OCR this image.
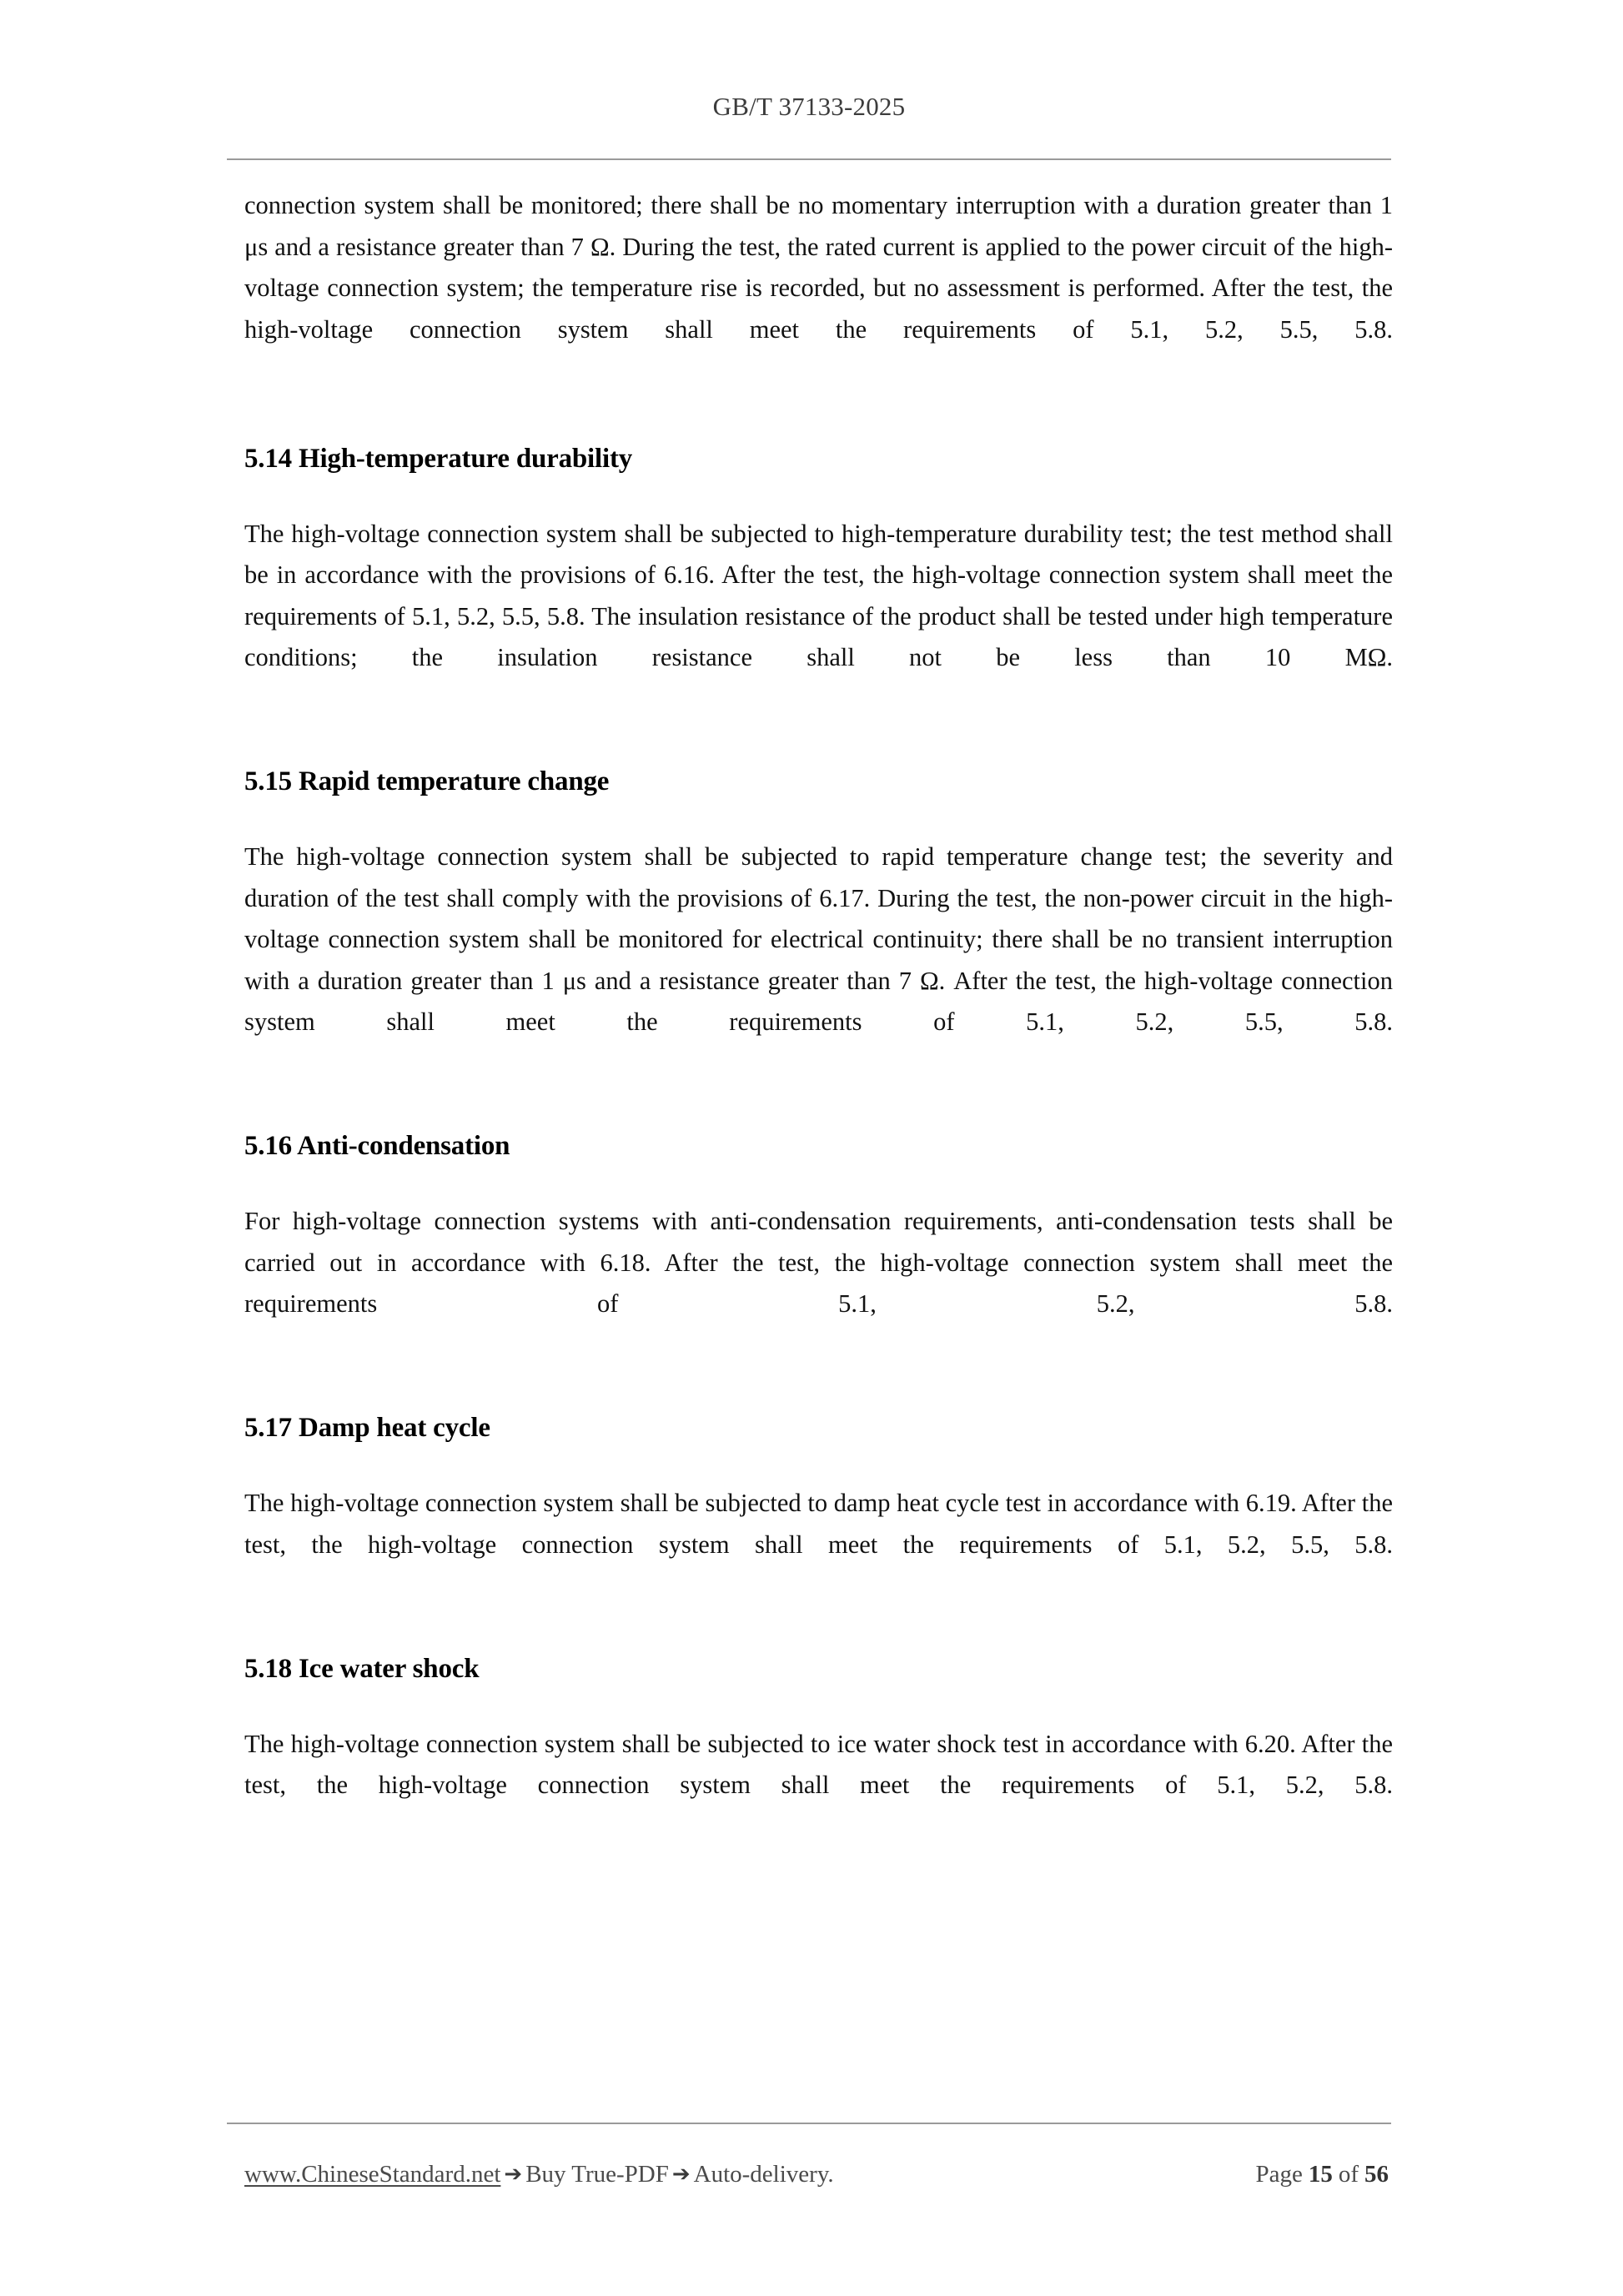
GB/T 37133-2025

connection system shall be monitored; there shall be no momentary interruption with a duration greater than 1 μs and a resistance greater than 7 Ω. During the test, the rated current is applied to the power circuit of the high-voltage connection system; the temperature rise is recorded, but no assessment is performed. After the test, the high-voltage connection system shall meet the requirements of 5.1, 5.2, 5.5, 5.8.

5.14 High-temperature durability

The high-voltage connection system shall be subjected to high-temperature durability test; the test method shall be in accordance with the provisions of 6.16. After the test, the high-voltage connection system shall meet the requirements of 5.1, 5.2, 5.5, 5.8. The insulation resistance of the product shall be tested under high temperature conditions; the insulation resistance shall not be less than 10 MΩ.

5.15 Rapid temperature change

The high-voltage connection system shall be subjected to rapid temperature change test; the severity and duration of the test shall comply with the provisions of 6.17. During the test, the non-power circuit in the high-voltage connection system shall be monitored for electrical continuity; there shall be no transient interruption with a duration greater than 1 μs and a resistance greater than 7 Ω. After the test, the high-voltage connection system shall meet the requirements of 5.1, 5.2, 5.5, 5.8.

5.16 Anti-condensation

For high-voltage connection systems with anti-condensation requirements, anti-condensation tests shall be carried out in accordance with 6.18. After the test, the high-voltage connection system shall meet the requirements of 5.1, 5.2, 5.8.

5.17 Damp heat cycle

The high-voltage connection system shall be subjected to damp heat cycle test in accordance with 6.19. After the test, the high-voltage connection system shall meet the requirements of 5.1, 5.2, 5.5, 5.8.

5.18 Ice water shock

The high-voltage connection system shall be subjected to ice water shock test in accordance with 6.20. After the test, the high-voltage connection system shall meet the requirements of 5.1, 5.2, 5.8.

www.ChineseStandard.net ➔ Buy True-PDF ➔ Auto-delivery.	Page 15 of 56
